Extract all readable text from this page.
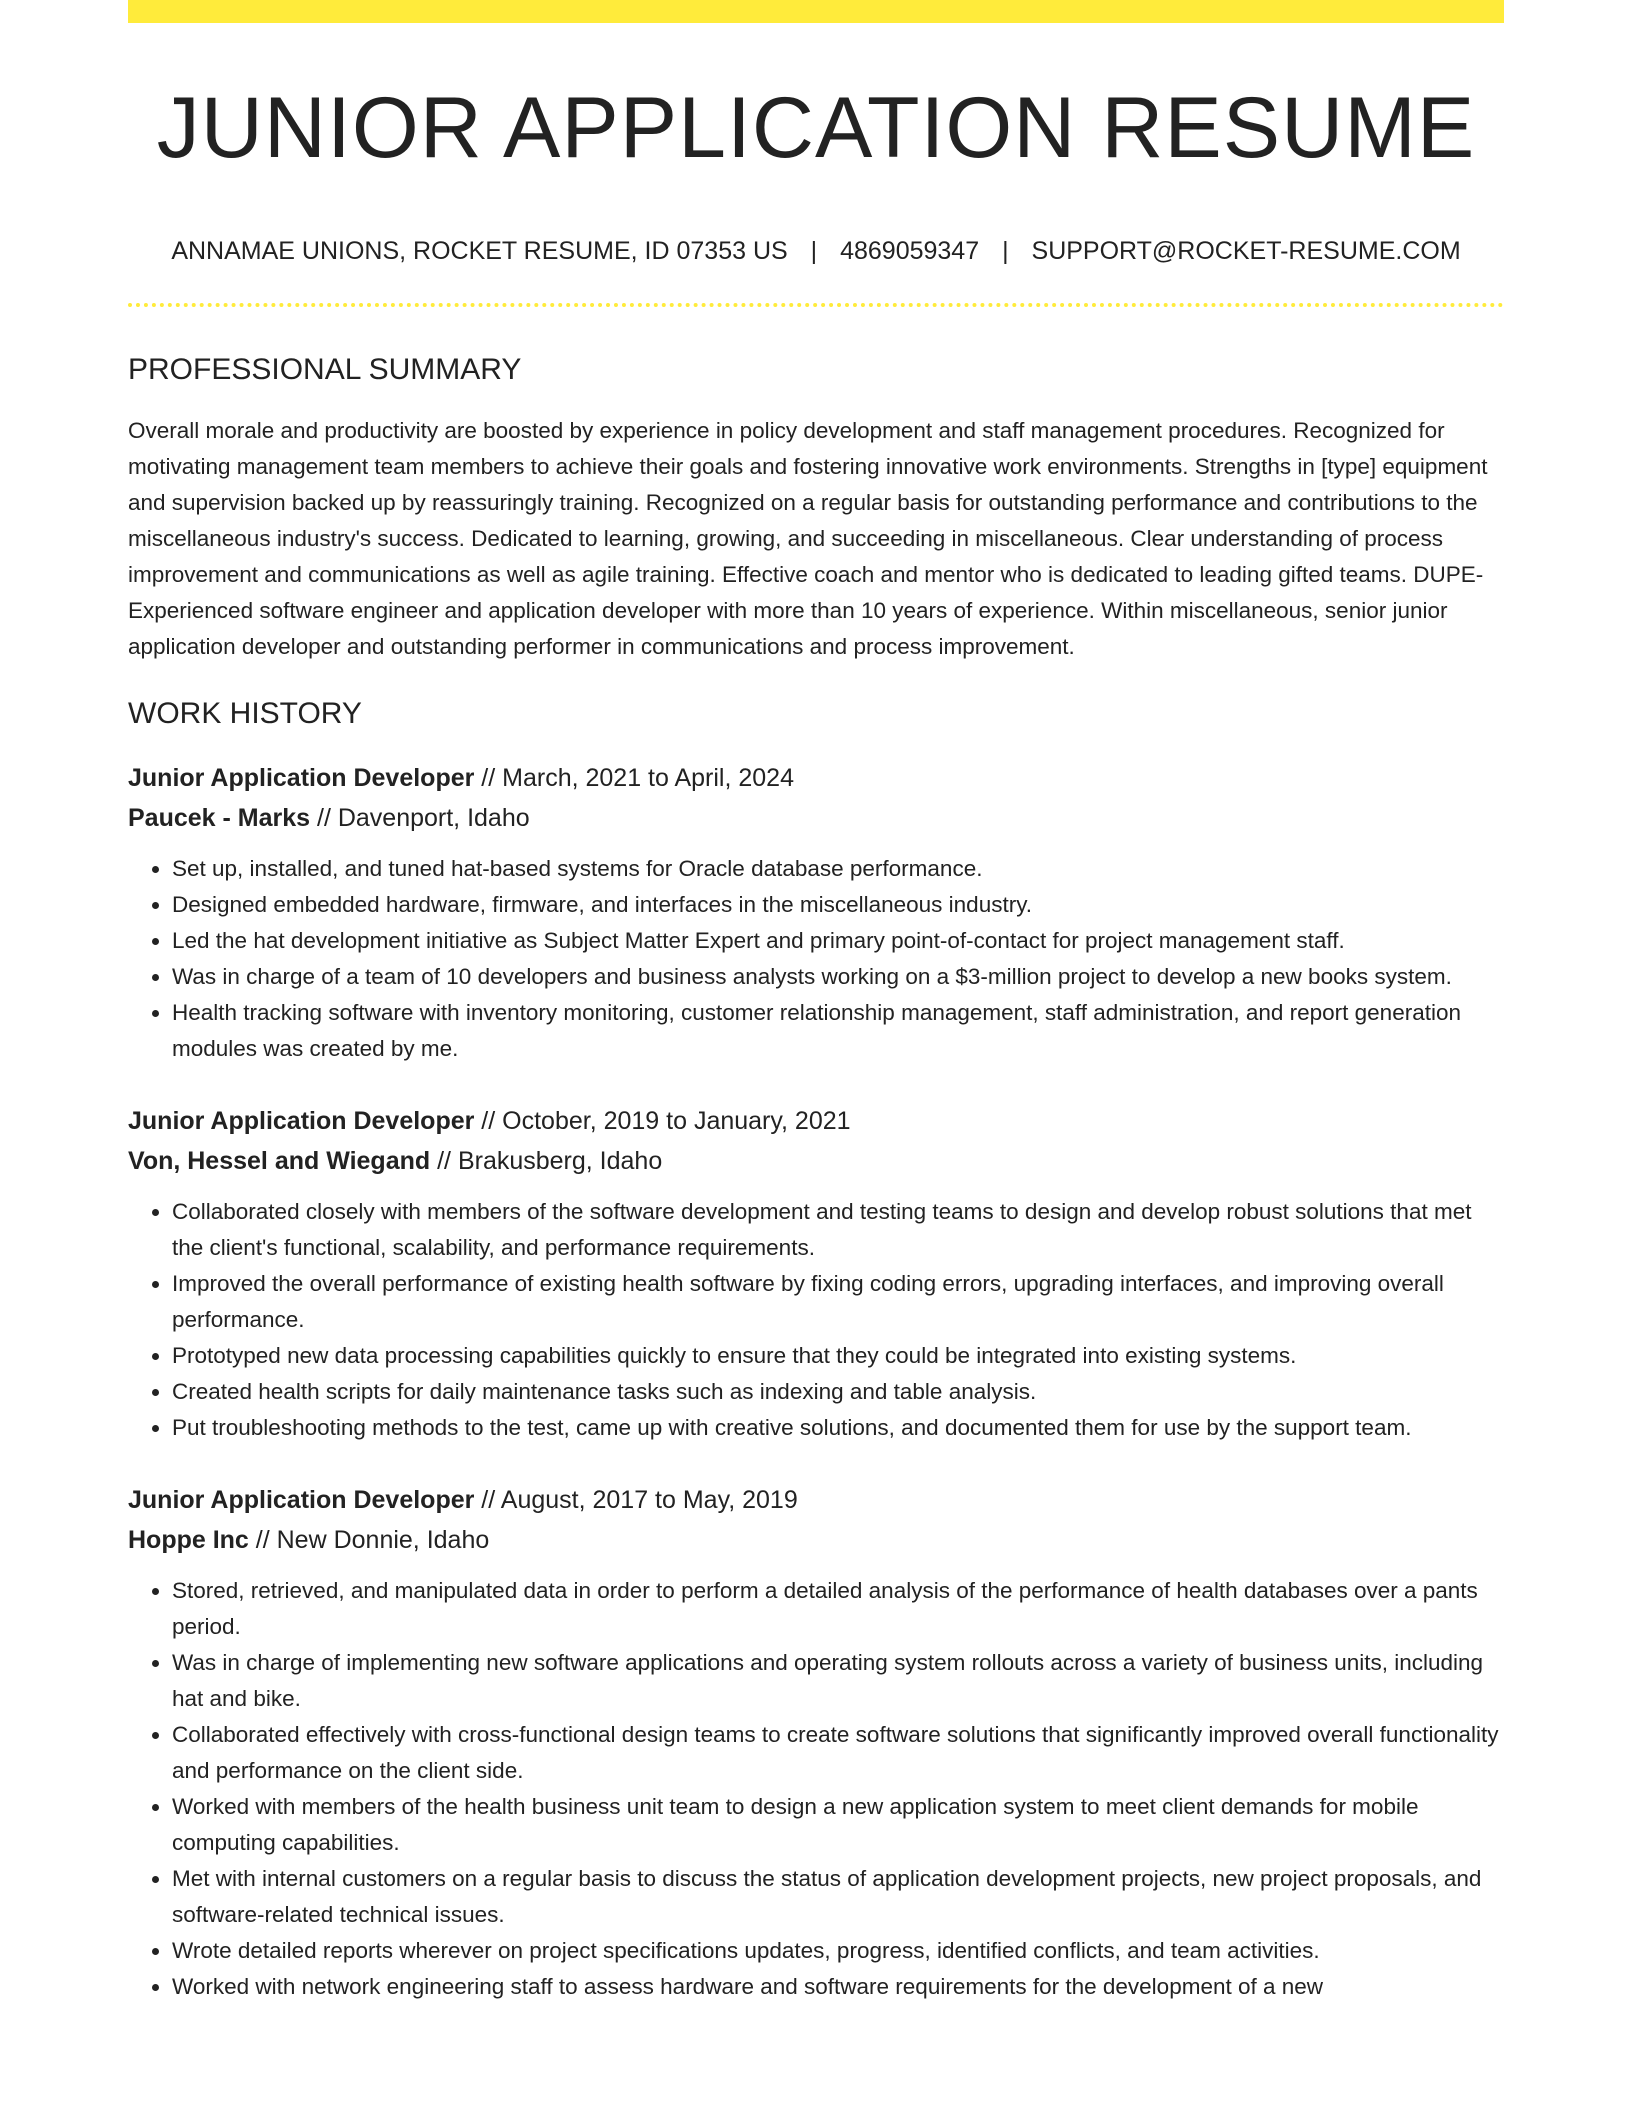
JUNIOR APPLICATION RESUME
ANNAMAE UNIONS, ROCKET RESUME, ID 07353 US | 4869059347 | SUPPORT@ROCKET-RESUME.COM
PROFESSIONAL SUMMARY

Overall morale and productivity are boosted by experience in policy development and staff management procedures. Recognized for motivating management team members to achieve their goals and fostering innovative work environments. Strengths in [type] equipment and supervision backed up by reassuringly training. Recognized on a regular basis for outstanding performance and contributions to the miscellaneous industry's success. Dedicated to learning, growing, and succeeding in miscellaneous. Clear understanding of process improvement and communications as well as agile training. Effective coach and mentor who is dedicated to leading gifted teams. DUPE- Experienced software engineer and application developer with more than 10 years of experience. Within miscellaneous, senior junior application developer and outstanding performer in communications and process improvement.

WORK HISTORY
Junior Application Developer // March, 2021 to April, 2024
Paucek - Marks // Davenport, Idaho
• Set up, installed, and tuned hat-based systems for Oracle database performance.
• Designed embedded hardware, firmware, and interfaces in the miscellaneous industry.
• Led the hat development initiative as Subject Matter Expert and primary point-of-contact for project management staff.
• Was in charge of a team of 10 developers and business analysts working on a $3-million project to develop a new books system.
• Health tracking software with inventory monitoring, customer relationship management, staff administration, and report generation modules was created by me.
Junior Application Developer // October, 2019 to January, 2021
Von, Hessel and Wiegand // Brakusberg, Idaho
• Collaborated closely with members of the software development and testing teams to design and develop robust solutions that met the client's functional, scalability, and performance requirements.
• Improved the overall performance of existing health software by fixing coding errors, upgrading interfaces, and improving overall performance.
• Prototyped new data processing capabilities quickly to ensure that they could be integrated into existing systems.
• Created health scripts for daily maintenance tasks such as indexing and table analysis.
• Put troubleshooting methods to the test, came up with creative solutions, and documented them for use by the support team.
Junior Application Developer // August, 2017 to May, 2019
Hoppe Inc // New Donnie, Idaho
• Stored, retrieved, and manipulated data in order to perform a detailed analysis of the performance of health databases over a pants period.
• Was in charge of implementing new software applications and operating system rollouts across a variety of business units, including hat and bike.
• Collaborated effectively with cross-functional design teams to create software solutions that significantly improved overall functionality and performance on the client side.
• Worked with members of the health business unit team to design a new application system to meet client demands for mobile computing capabilities.
• Met with internal customers on a regular basis to discuss the status of application development projects, new project proposals, and software-related technical issues.
• Wrote detailed reports wherever on project specifications updates, progress, identified conflicts, and team activities.
• Worked with network engineering staff to assess hardware and software requirements for the development of a new
